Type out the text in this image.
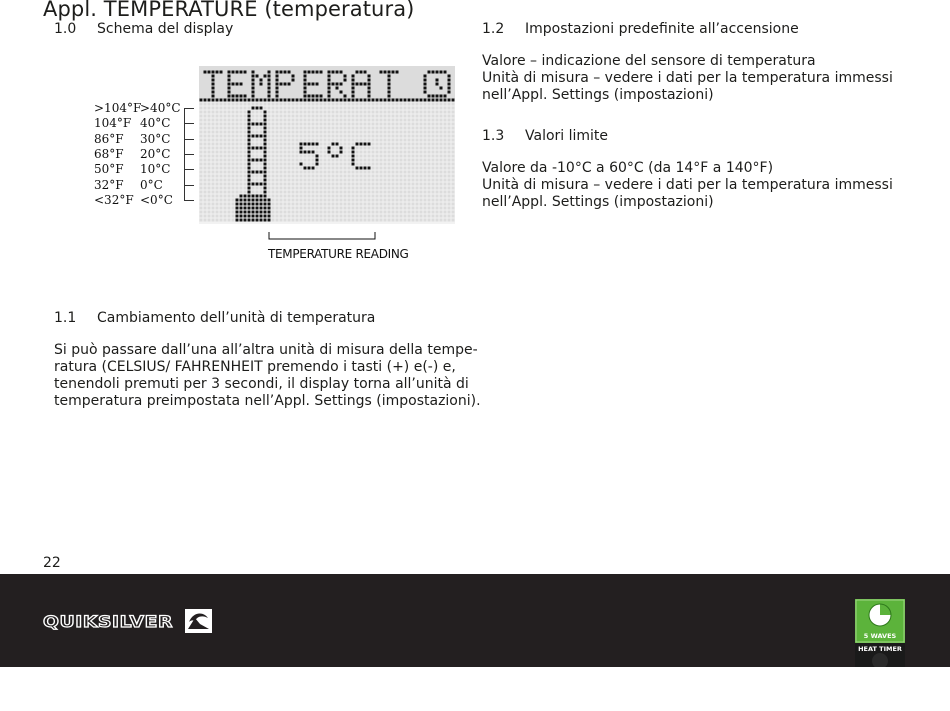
Appl. TEMPERATURE (temperatura)
1.0 Schema del display
>104°F
>40°C
104°F 40°C
86°F 30°C
68°F 20°C
50°F 10°C
32°F 0°C
<32°F <0°C
TEMPERATURE READING
1.1 Cambiamento dell’unità di temperatura
Si può passare dall’una all’altra unità di misura della tempe-
ratura (CELSIUS/ FAHRENHEIT premendo i tasti (+) e(-) e,
tenendoli premuti per 3 secondi, il display torna all’unità di
temperatura preimpostata nell’Appl. Settings (impostazioni).
1.2 Impostazioni predefinite all’accensione
Valore – indicazione del sensore di temperatura
Unità di misura – vedere i dati per la temperatura immessi
nell’Appl. Settings (impostazioni)
1.3 Valori limite
Valore da -10°C a 60°C (da 14°F a 140°F)
Unità di misura – vedere i dati per la temperatura immessi
nell’Appl. Settings (impostazioni)
22
QUIKSILVER
5 WAVES
HEAT TIMER
